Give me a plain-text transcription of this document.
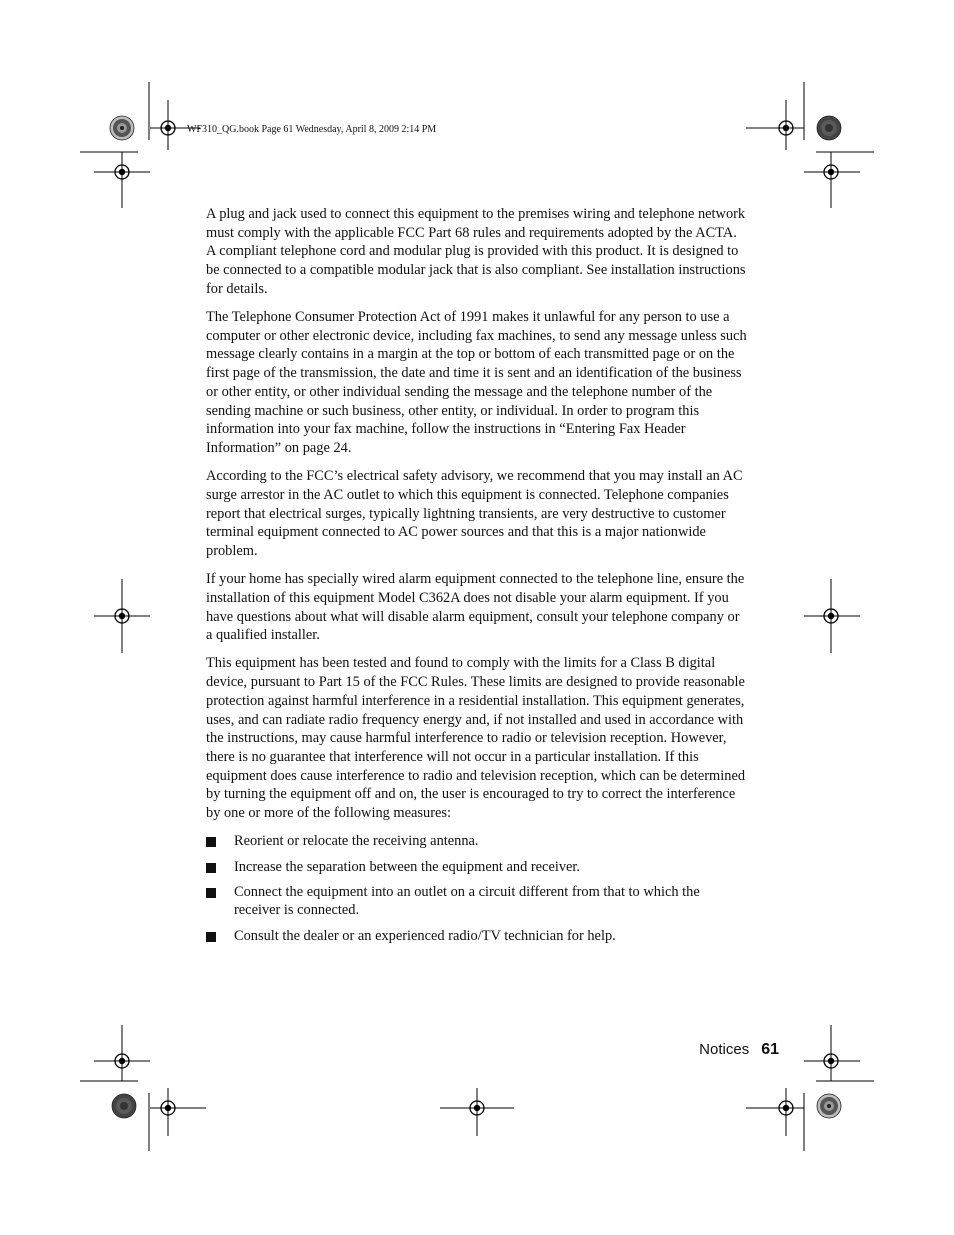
WF310_QG.book Page 61 Wednesday, April 8, 2009 2:14 PM

A plug and jack used to connect this equipment to the premises wiring and telephone network must comply with the applicable FCC Part 68 rules and requirements adopted by the ACTA. A compliant telephone cord and modular plug is provided with this product. It is designed to be connected to a compatible modular jack that is also compliant. See installation instructions for details.

The Telephone Consumer Protection Act of 1991 makes it unlawful for any person to use a computer or other electronic device, including fax machines, to send any message unless such message clearly contains in a margin at the top or bottom of each transmitted page or on the first page of the transmission, the date and time it is sent and an identification of the business or other entity, or other individual sending the message and the telephone number of the sending machine or such business, other entity, or individual. In order to program this information into your fax machine, follow the instructions in “Entering Fax Header Information” on page 24.

According to the FCC’s electrical safety advisory, we recommend that you may install an AC surge arrestor in the AC outlet to which this equipment is connected. Telephone companies report that electrical surges, typically lightning transients, are very destructive to customer terminal equipment connected to AC power sources and that this is a major nationwide problem.

If your home has specially wired alarm equipment connected to the telephone line, ensure the installation of this equipment Model C362A does not disable your alarm equipment. If you have questions about what will disable alarm equipment, consult your telephone company or a qualified installer.

This equipment has been tested and found to comply with the limits for a Class B digital device, pursuant to Part 15 of the FCC Rules. These limits are designed to provide reasonable protection against harmful interference in a residential installation. This equipment generates, uses, and can radiate radio frequency energy and, if not installed and used in accordance with the instructions, may cause harmful interference to radio or television reception. However, there is no guarantee that interference will not occur in a particular installation. If this equipment does cause interference to radio and television reception, which can be determined by turning the equipment off and on, the user is encouraged to try to correct the interference by one or more of the following measures:

Reorient or relocate the receiving antenna.
Increase the separation between the equipment and receiver.
Connect the equipment into an outlet on a circuit different from that to which the receiver is connected.
Consult the dealer or an experienced radio/TV technician for help.
Notices 61
